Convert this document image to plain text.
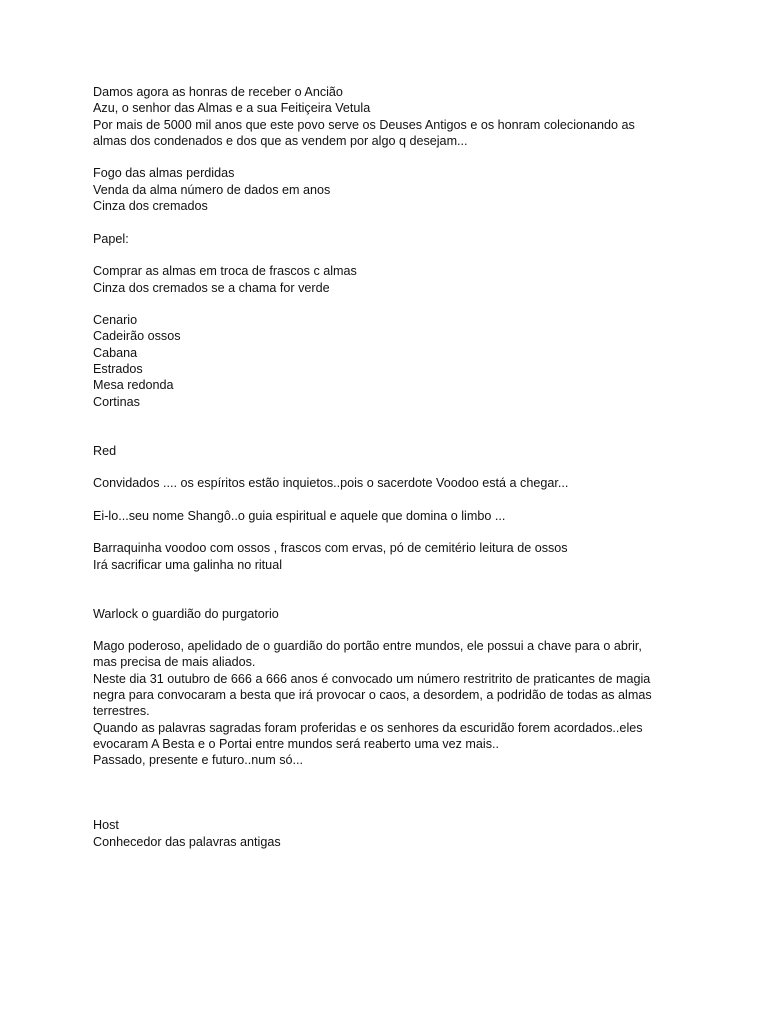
Damos agora as honras de receber o Ancião
Azu, o senhor das Almas e a sua Feitiçeira Vetula
Por mais de 5000 mil anos que este povo serve os Deuses Antigos e os honram colecionando as
almas dos condenados e dos que as vendem por algo q desejam...
Fogo das almas perdidas
Venda da alma número de dados em anos
Cinza dos cremados
Papel:
Comprar as almas em troca de frascos c almas
Cinza dos cremados se a chama for verde
Cenario
Cadeirão ossos
Cabana
Estrados
Mesa redonda
Cortinas
Red
Convidados .... os espíritos estão inquietos..pois o sacerdote Voodoo está a chegar...
Ei-lo...seu nome Shangô..o guia espiritual e aquele que domina o limbo ...
Barraquinha voodoo com ossos , frascos com ervas, pó de cemitério leitura de ossos
Irá sacrificar uma galinha no ritual
Warlock o guardião do purgatorio
Mago poderoso, apelidado de o guardião do portão entre mundos, ele possui a chave para o abrir,
mas precisa de mais aliados.
Neste dia 31 outubro de 666 a 666 anos é convocado um número restritrito de praticantes de magia
negra para convocaram a besta que irá provocar o caos, a desordem, a podridão de todas as almas
terrestres.
Quando as palavras sagradas foram proferidas e os senhores da escuridão forem acordados..eles
evocaram A Besta e o Portai entre mundos será reaberto uma vez mais..
Passado, presente e futuro..num só...
Host
Conhecedor das palavras antigas
